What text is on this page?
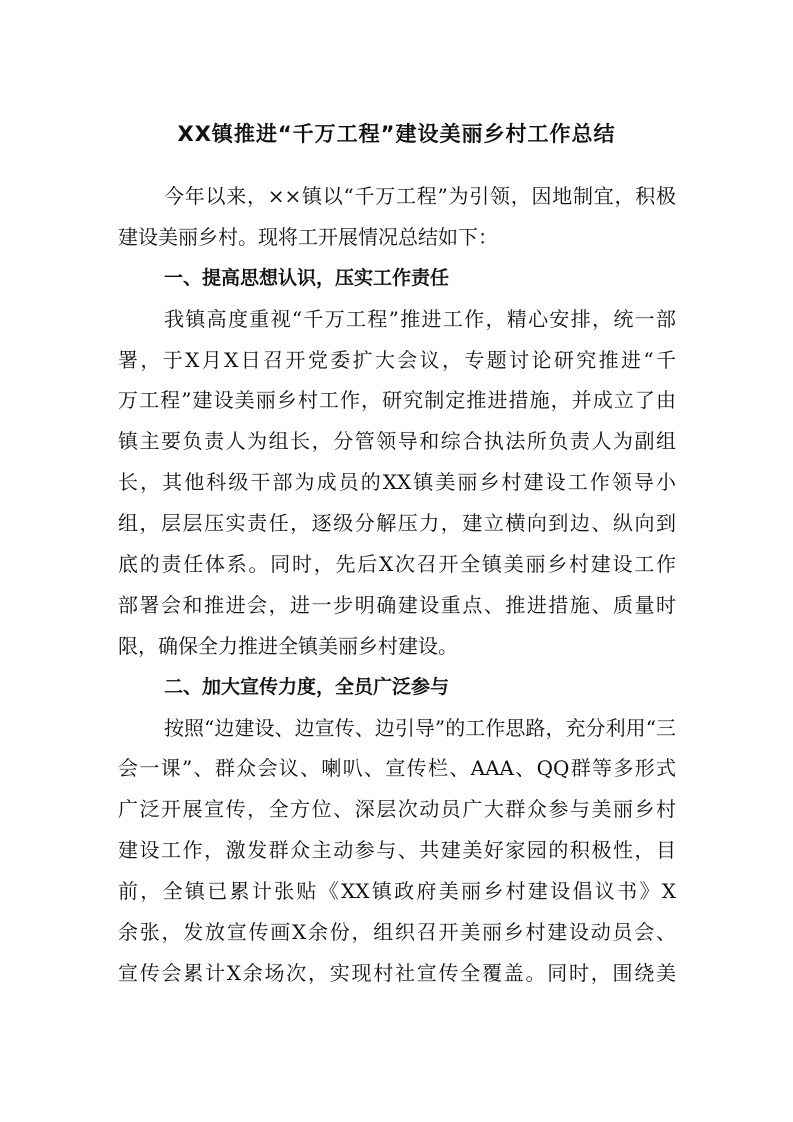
XX镇推进“千万工程”建设美丽乡村工作总结
今年以来，××镇以“千万工程”为引领，因地制宜，积极
建设美丽乡村。现将工开展情况总结如下：
一、提高思想认识，压实工作责任
我镇高度重视“千万工程”推进工作，精心安排，统一部
署，于X月X日召开党委扩大会议，专题讨论研究推进“千
万工程”建设美丽乡村工作，研究制定推进措施，并成立了由
镇主要负责人为组长，分管领导和综合执法所负责人为副组
长，其他科级干部为成员的XX镇美丽乡村建设工作领导小
组，层层压实责任，逐级分解压力，建立横向到边、纵向到
底的责任体系。同时，先后X次召开全镇美丽乡村建设工作
部署会和推进会，进一步明确建设重点、推进措施、质量时
限，确保全力推进全镇美丽乡村建设。
二、加大宣传力度，全员广泛参与
按照“边建设、边宣传、边引导”的工作思路，充分利用“三
会一课”、群众会议、喇叭、宣传栏、AAA、QQ群等多形式
广泛开展宣传，全方位、深层次动员广大群众参与美丽乡村
建设工作，激发群众主动参与、共建美好家园的积极性，目
前，全镇已累计张贴《XX镇政府美丽乡村建设倡议书》X
余张，发放宣传画X余份，组织召开美丽乡村建设动员会、
宣传会累计X余场次，实现村社宣传全覆盖。同时，围绕美
